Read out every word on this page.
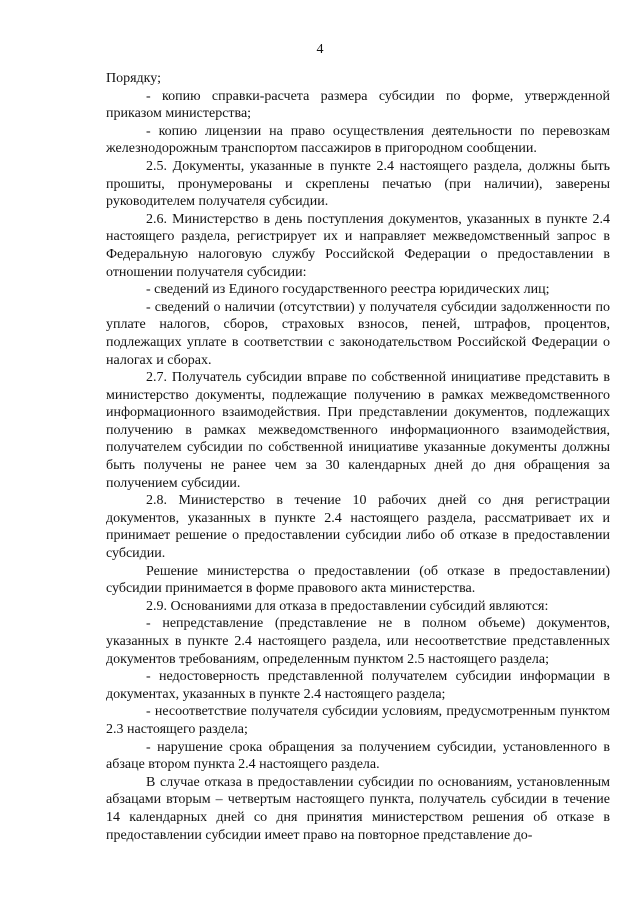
4

Порядку;

- копию справки-расчета размера субсидии по форме, утвержденной приказом министерства;

- копию лицензии на право осуществления деятельности по перевозкам железнодорожным транспортом пассажиров в пригородном сообщении.

2.5. Документы, указанные в пункте 2.4 настоящего раздела, должны быть прошиты, пронумерованы и скреплены печатью (при наличии), заверены руководителем получателя субсидии.

2.6. Министерство в день поступления документов, указанных в пункте 2.4 настоящего раздела, регистрирует их и направляет межведомственный запрос в Федеральную налоговую службу Российской Федерации о предоставлении в отношении получателя субсидии:

- сведений из Единого государственного реестра юридических лиц;

- сведений о наличии (отсутствии) у получателя субсидии задолженности по уплате налогов, сборов, страховых взносов, пеней, штрафов, процентов, подлежащих уплате в соответствии с законодательством Российской Федерации о налогах и сборах.

2.7. Получатель субсидии вправе по собственной инициативе представить в министерство документы, подлежащие получению в рамках межведомственного информационного взаимодействия. При представлении документов, подлежащих получению в рамках межведомственного информационного взаимодействия, получателем субсидии по собственной инициативе указанные документы должны быть получены не ранее чем за 30 календарных дней до дня обращения за получением субсидии.

2.8. Министерство в течение 10 рабочих дней со дня регистрации документов, указанных в пункте 2.4 настоящего раздела, рассматривает их и принимает решение о предоставлении субсидии либо об отказе в предоставлении субсидии.

Решение министерства о предоставлении (об отказе в предоставлении) субсидии принимается в форме правового акта министерства.

2.9. Основаниями для отказа в предоставлении субсидий являются:

- непредставление (представление не в полном объеме) документов, указанных в пункте 2.4 настоящего раздела, или несоответствие представленных документов требованиям, определенным пунктом 2.5 настоящего раздела;

- недостоверность представленной получателем субсидии информации в документах, указанных в пункте 2.4 настоящего раздела;

- несоответствие получателя субсидии условиям, предусмотренным пунктом 2.3 настоящего раздела;

- нарушение срока обращения за получением субсидии, установленного в абзаце втором пункта 2.4 настоящего раздела.

В случае отказа в предоставлении субсидии по основаниям, установленным абзацами вторым – четвертым настоящего пункта, получатель субсидии в течение 14 календарных дней со дня принятия министерством решения об отказе в предоставлении субсидии имеет право на повторное представление до-
